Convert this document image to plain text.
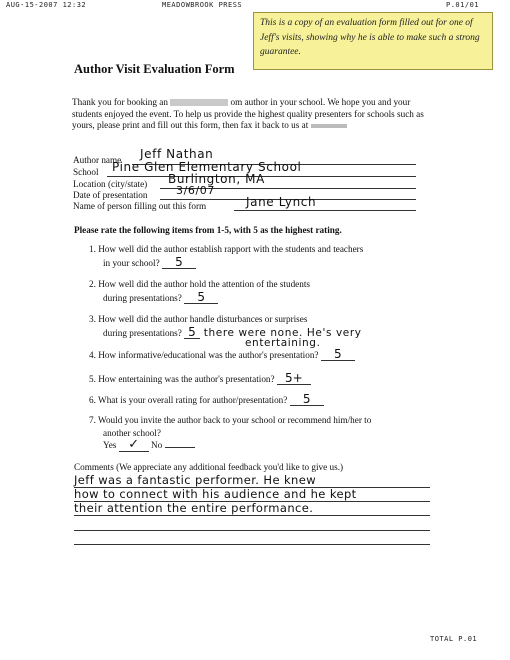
AUG-15-2007 12:32	MEADOWBROOK PRESS	P.01/01
This is a copy of an evaluation form filled out for one of Jeff's visits, showing why he is able to make such a strong guarantee.
Author Visit Evaluation Form
Thank you for booking an	om author in your school. We hope you and your students enjoyed the event. To help us provide the highest quality presenters for schools such as yours, please print and fill out this form, then fax it back to us at
Author name Jeff Nathan
School Pine Glen Elementary School
Location (city/state) Burlington, MA
Date of presentation	3/6/07
Name of person filling out this form	Jane Lynch
Please rate the following items from 1-5, with 5 as the highest rating.
1. How well did the author establish rapport with the students and teachers
in your school? 5
2. How well did the author hold the attention of the students
during presentations? 5
3. How well did the author handle disturbances or surprises
during presentations? 5 there were none. He's very
entertaining.
4. How informative/educational was the author's presentation? 5
5. How entertaining was the author's presentation? 5+
6. What is your overall rating for author/presentation? 5
7. Would you invite the author back to your school or recommend him/her to
another school?
Yes ✓ No
Comments (We appreciate any additional feedback you'd like to give us.)
Jeff was a fantastic performer. He knew
how to connect with his audience and he kept
their attention the entire performance.
TOTAL P.01
